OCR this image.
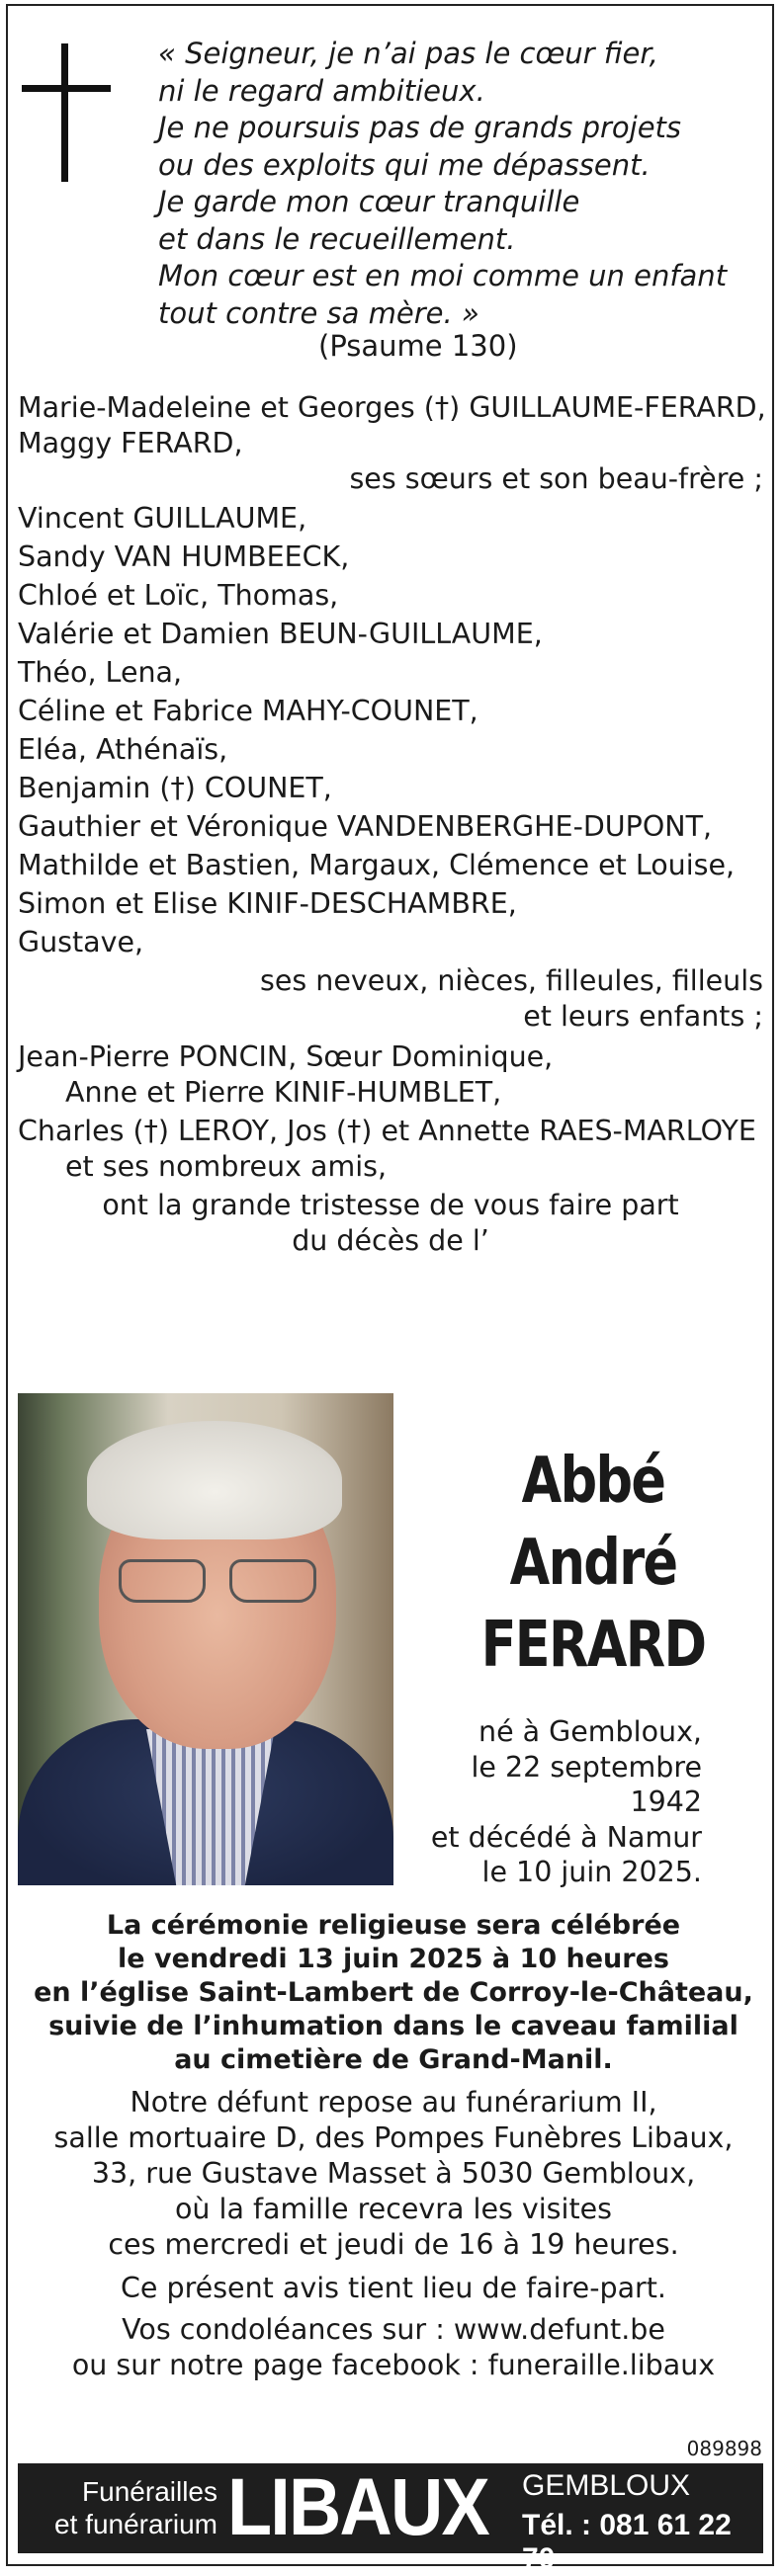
« Seigneur, je n’ai pas le cœur fier,
ni le regard ambitieux.
Je ne poursuis pas de grands projets
ou des exploits qui me dépassent.
Je garde mon cœur tranquille
et dans le recueillement.
Mon cœur est en moi comme un enfant
tout contre sa mère. »
(Psaume 130)
Marie-Madeleine et Georges (†) GUILLAUME-FERARD,
Maggy FERARD,
ses sœurs et son beau-frère ;
Vincent GUILLAUME,
Sandy VAN HUMBEECK,
Chloé et Loïc, Thomas,
Valérie et Damien BEUN-GUILLAUME,
Théo, Lena,
Céline et Fabrice MAHY-COUNET,
Eléa, Athénaïs,
Benjamin (†) COUNET,
Gauthier et Véronique VANDENBERGHE-DUPONT,
Mathilde et Bastien, Margaux, Clémence et Louise,
Simon et Elise KINIF-DESCHAMBRE,
Gustave,
ses neveux, nièces, filleules, filleuls
et leurs enfants ;
Jean-Pierre PONCIN, Sœur Dominique,
Anne et Pierre KINIF-HUMBLET,
Charles (†) LEROY, Jos (†) et Annette RAES-MARLOYE
et ses nombreux amis,
ont la grande tristesse de vous faire part
du décès de l’
Abbé
André
FERARD
né à Gembloux,
le 22 septembre 1942
et décédé à Namur
le 10 juin 2025.
La cérémonie religieuse sera célébrée
le vendredi 13 juin 2025 à 10 heures
en l’église Saint-Lambert de Corroy-le-Château,
suivie de l’inhumation dans le caveau familial
au cimetière de Grand-Manil.
Notre défunt repose au funérarium II,
salle mortuaire D, des Pompes Funèbres Libaux,
33, rue Gustave Masset à 5030 Gembloux,
où la famille recevra les visites
ces mercredi et jeudi de 16 à 19 heures.
Ce présent avis tient lieu de faire-part.
Vos condoléances sur : www.defunt.be
ou sur notre page facebook : funeraille.libaux
089898
Funérailles
et funérarium LIBAUX GEMBLOUX
Tél. : 081 61 22 70
